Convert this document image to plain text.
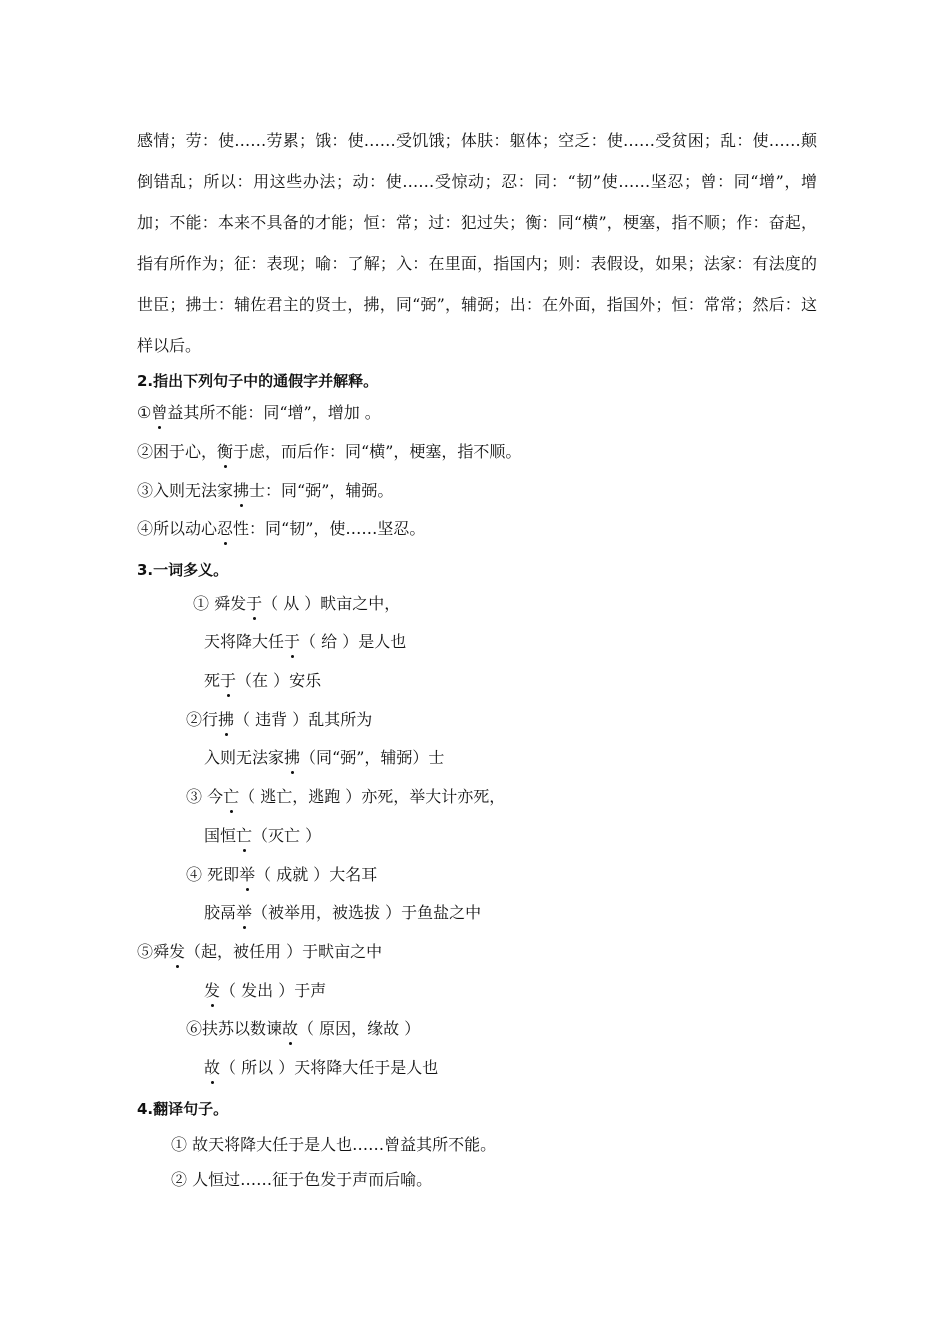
感情；劳：使……劳累；饿：使……受饥饿；体肤：躯体；空乏：使……受贫困；乱：使……颠倒错乱；所以：用这些办法；动：使……受惊动；忍：同：“韧”使……坚忍；曾：同“增”，增加；不能：本来不具备的才能；恒：常；过：犯过失；衡：同“横”，梗塞，指不顺；作：奋起，指有所作为；征：表现；喻：了解；入：在里面，指国内；则：表假设，如果；法家：有法度的世臣；拂士：辅佐君主的贤士，拂，同“弼”，辅弼；出：在外面，指国外；恒：常常；然后：这样以后。

2.指出下列句子中的通假字并解释。
①曾益其所不能：同“增”，增加 。
②困于心，衡于虑，而后作：同“横”，梗塞，指不顺。
③入则无法家拂士：同“弼”，辅弼。
④所以动心忍性：同“韧”，使……坚忍。
3.一词多义。
① 舜发于（ 从 ）畎亩之中，
天将降大任于（ 给 ）是人也
死于（在 ）安乐
②行拂（ 违背 ）乱其所为
入则无法家拂（同“弼”，辅弼）士
③ 今亡（ 逃亡，逃跑 ）亦死，举大计亦死，
国恒亡（灭亡 ）
④ 死即举（ 成就 ）大名耳
胶鬲举（被举用，被选拔 ）于鱼盐之中
⑤舜发（起，被任用 ）于畎亩之中
发（ 发出 ）于声
⑥扶苏以数谏故（ 原因，缘故 ）
故（ 所以 ）天将降大任于是人也
4.翻译句子。
① 故天将降大任于是人也……曾益其所不能。
② 人恒过……征于色发于声而后喻。
